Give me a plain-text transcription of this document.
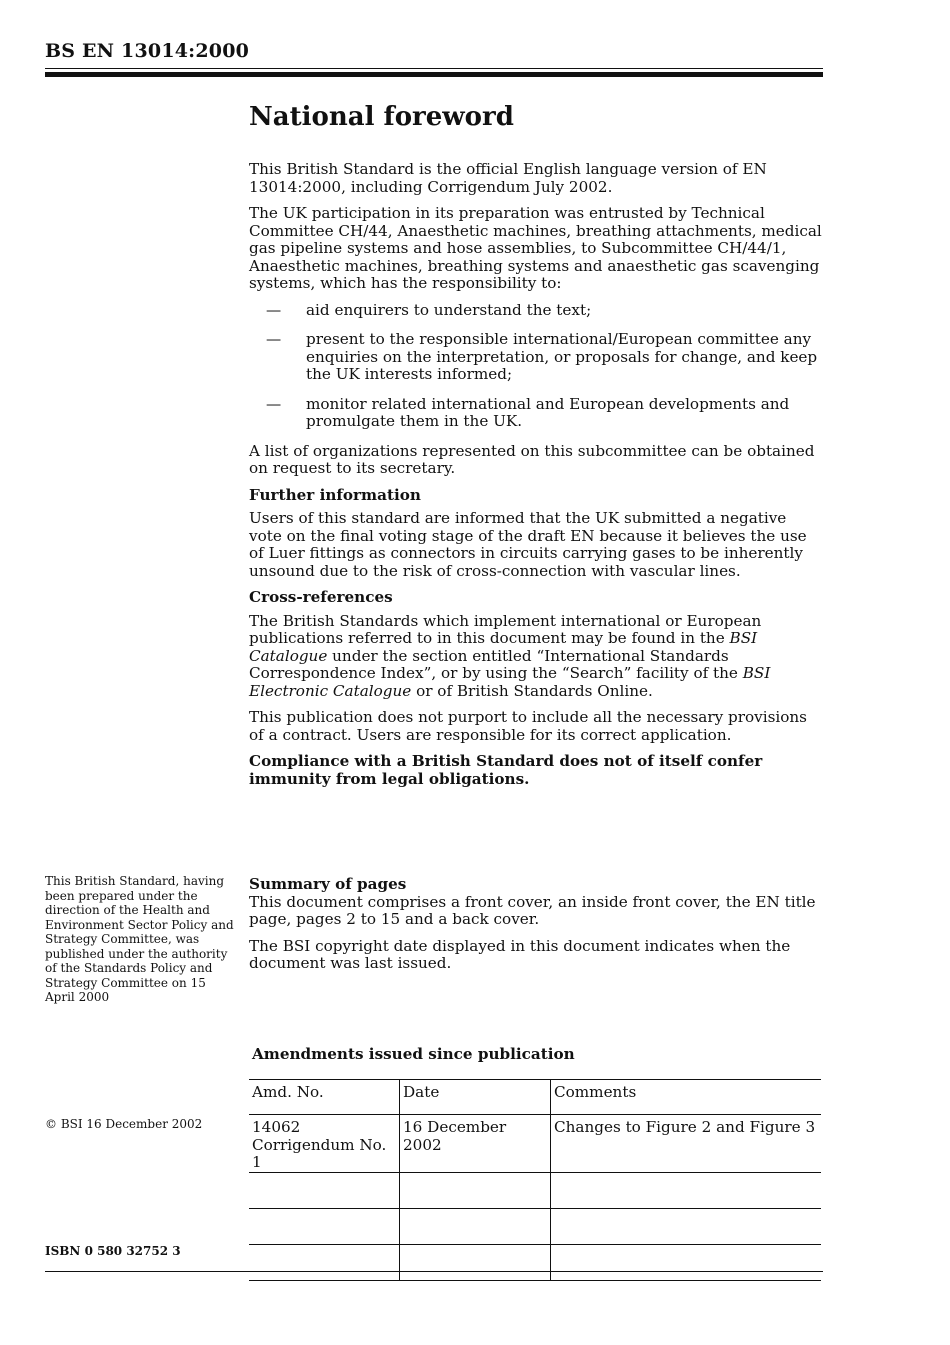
BS EN 13014:2000
National foreword

This British Standard is the official English language version of EN 13014:2000, including Corrigendum July 2002.

The UK participation in its preparation was entrusted by Technical Committee CH/44, Anaesthetic machines, breathing attachments, medical gas pipeline systems and hose assemblies, to Subcommittee CH/44/1, Anaesthetic machines, breathing systems and anaesthetic gas scavenging systems, which has the responsibility to:

— aid enquirers to understand the text;
— present to the responsible international/European committee any enquiries on the interpretation, or proposals for change, and keep the UK interests informed;
— monitor related international and European developments and promulgate them in the UK.

A list of organizations represented on this subcommittee can be obtained on request to its secretary.

Further information

Users of this standard are informed that the UK submitted a negative vote on the final voting stage of the draft EN because it believes the use of Luer fittings as connectors in circuits carrying gases to be inherently unsound due to the risk of cross-connection with vascular lines.

Cross-references

The British Standards which implement international or European publications referred to in this document may be found in the BSI Catalogue under the section entitled “International Standards Correspondence Index”, or by using the “Search” facility of the BSI Electronic Catalogue or of British Standards Online.

This publication does not purport to include all the necessary provisions of a contract. Users are responsible for its correct application.

Compliance with a British Standard does not of itself confer immunity from legal obligations.

This British Standard, having been prepared under the direction of the Health and Environment Sector Policy and Strategy Committee, was published under the authority of the Standards Policy and Strategy Committee on 15 April 2000
Summary of pages

This document comprises a front cover, an inside front cover, the EN title page, pages 2 to 15 and a back cover.

The BSI copyright date displayed in this document indicates when the document was last issued.

Amendments issued since publication
Amd. No.	Date	Comments
14062 Corrigendum No. 1	16 December 2002	Changes to Figure 2 and Figure 3

© BSI 16 December 2002
ISBN 0 580 32752 3
